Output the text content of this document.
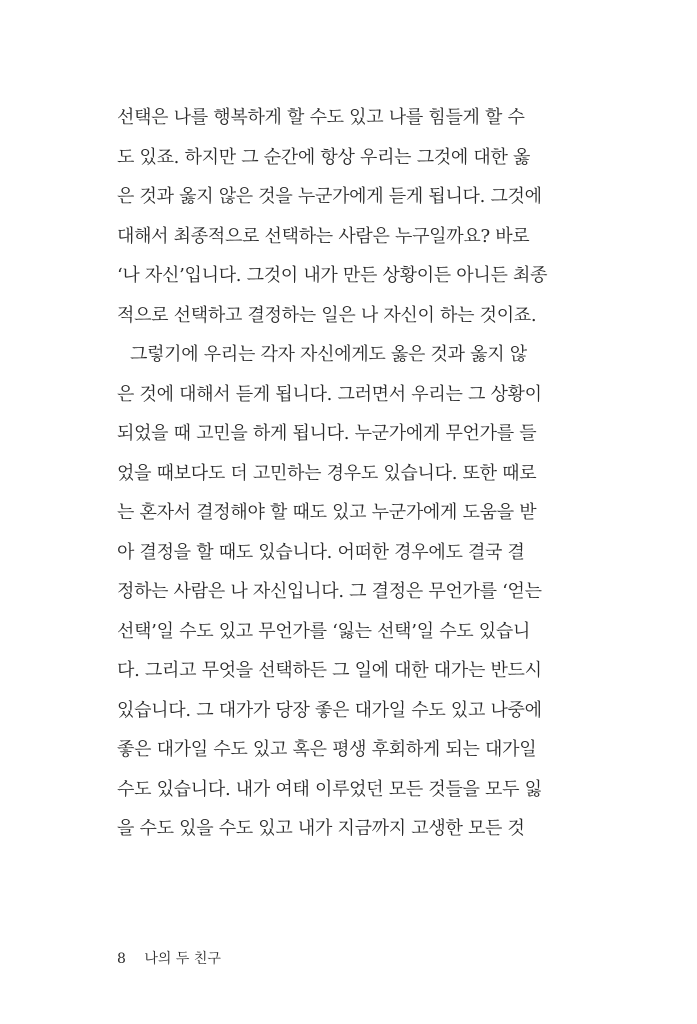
선택은 나를 행복하게 할 수도 있고 나를 힘들게 할 수
도 있죠. 하지만 그 순간에 항상 우리는 그것에 대한 옳
은 것과 옳지 않은 것을 누군가에게 듣게 됩니다. 그것에
대해서 최종적으로 선택하는 사람은 누구일까요? 바로
‘나 자신’입니다. 그것이 내가 만든 상황이든 아니든 최종
적으로 선택하고 결정하는 일은 나 자신이 하는 것이죠.
그렇기에 우리는 각자 자신에게도 옳은 것과 옳지 않
은 것에 대해서 듣게 됩니다. 그러면서 우리는 그 상황이
되었을 때 고민을 하게 됩니다. 누군가에게 무언가를 들
었을 때보다도 더 고민하는 경우도 있습니다. 또한 때로
는 혼자서 결정해야 할 때도 있고 누군가에게 도움을 받
아 결정을 할 때도 있습니다. 어떠한 경우에도 결국 결
정하는 사람은 나 자신입니다. 그 결정은 무언가를 ‘얻는
선택’일 수도 있고 무언가를 ‘잃는 선택’일 수도 있습니
다. 그리고 무엇을 선택하든 그 일에 대한 대가는 반드시
있습니다. 그 대가가 당장 좋은 대가일 수도 있고 나중에
좋은 대가일 수도 있고 혹은 평생 후회하게 되는 대가일
수도 있습니다. 내가 여태 이루었던 모든 것들을 모두 잃
을 수도 있을 수도 있고 내가 지금까지 고생한 모든 것
8 나의 두 친구
